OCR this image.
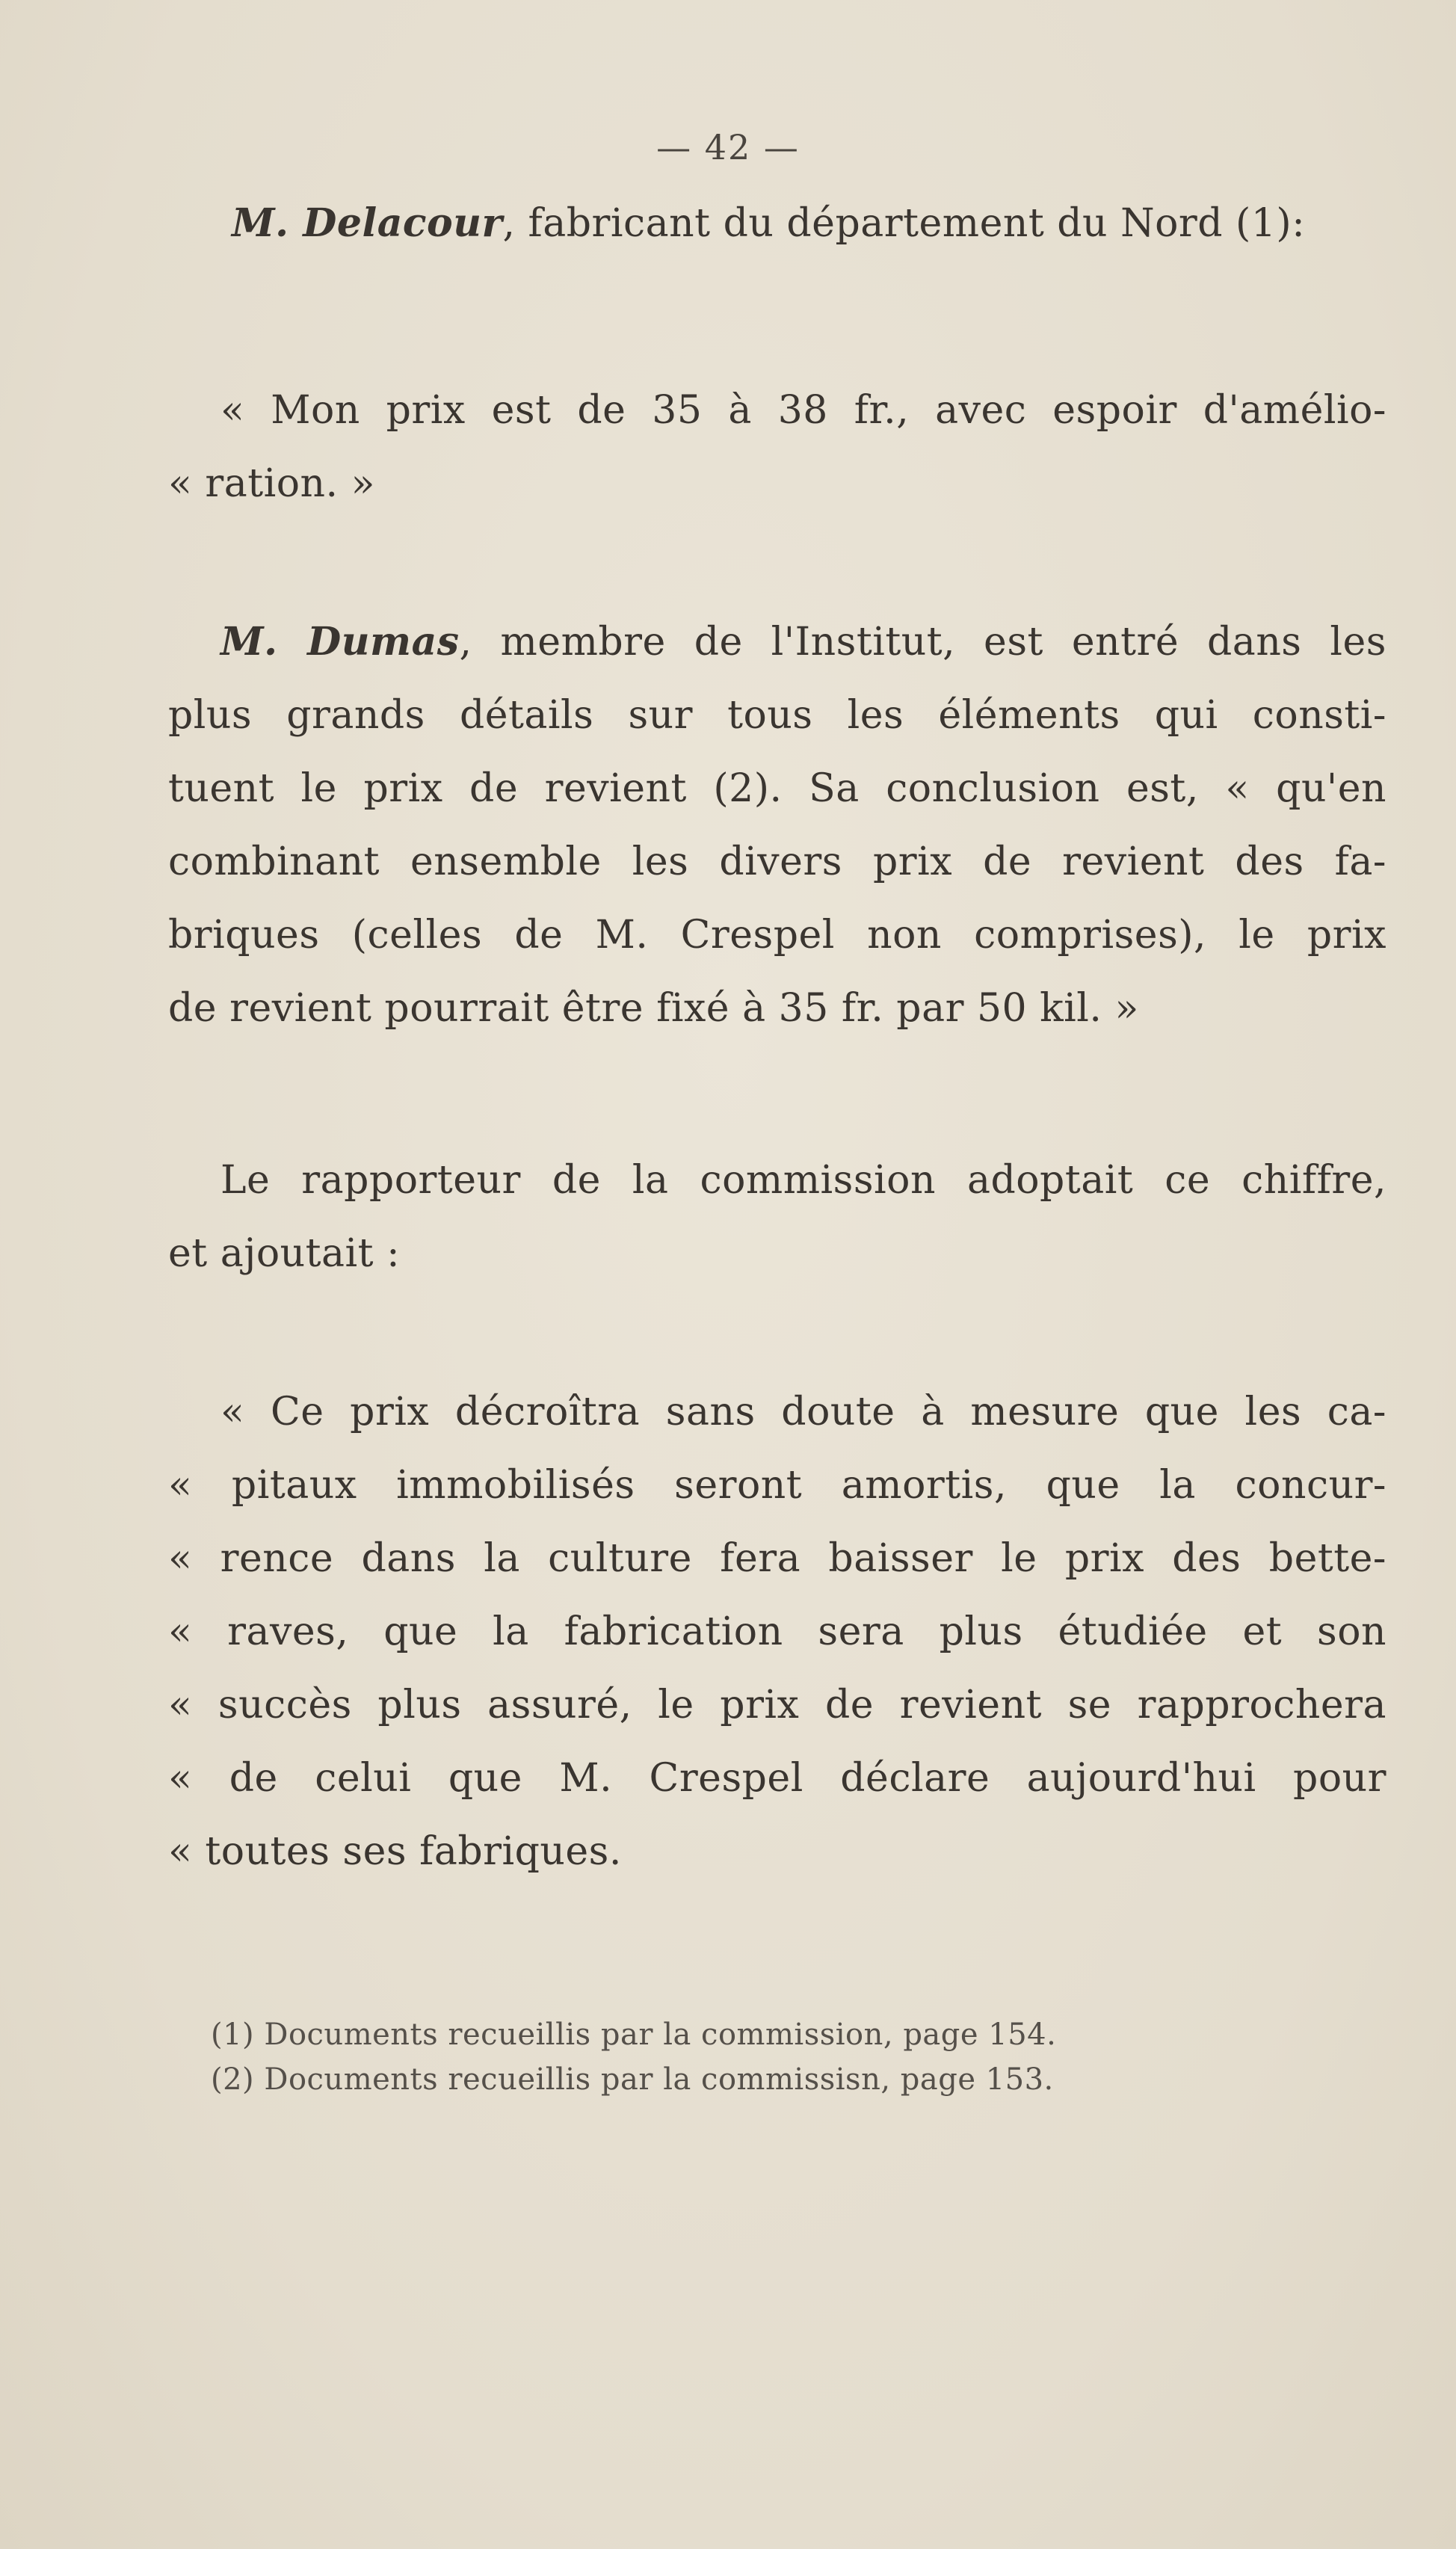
— 42 —
M. Delacour, fabricant du département du Nord (1):
« Mon prix est de 35 à 38 fr., avec espoir d'amélio-
« ration. »
M. Dumas, membre de l'Institut, est entré dans les
plus grands détails sur tous les éléments qui consti-
tuent le prix de revient (2). Sa conclusion est, « qu'en
combinant ensemble les divers prix de revient des fa-
briques (celles de M. Crespel non comprises), le prix
de revient pourrait être fixé à 35 fr. par 50 kil. »
Le rapporteur de la commission adoptait ce chiffre,
et ajoutait :
« Ce prix décroîtra sans doute à mesure que les ca-
« pitaux immobilisés seront amortis, que la concur-
« rence dans la culture fera baisser le prix des bette-
« raves, que la fabrication sera plus étudiée et son
« succès plus assuré, le prix de revient se rapprochera
« de celui que M. Crespel déclare aujourd'hui pour
« toutes ses fabriques.
(1) Documents recueillis par la commission, page 154.
(2) Documents recueillis par la commissisn, page 153.
